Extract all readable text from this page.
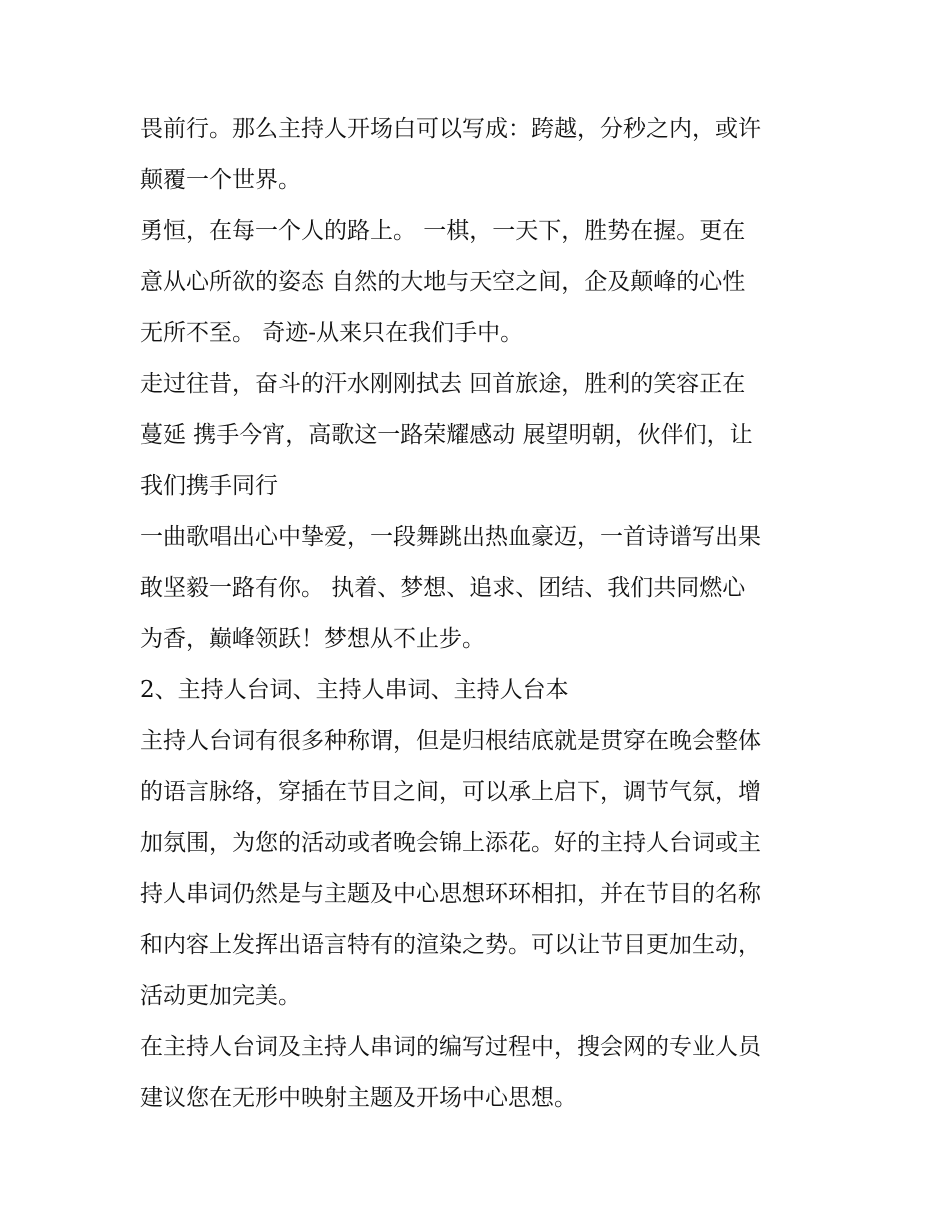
畏前行。那么主持人开场白可以写成：跨越，分秒之内，或许
颠覆一个世界。

勇恒，在每一个人的路上。 一棋，一天下，胜势在握。更在
意从心所欲的姿态 自然的大地与天空之间，企及颠峰的心性
无所不至。 奇迹-从来只在我们手中。

走过往昔，奋斗的汗水刚刚拭去 回首旅途，胜利的笑容正在
蔓延 携手今宵，高歌这一路荣耀感动 展望明朝，伙伴们，让
我们携手同行

一曲歌唱出心中挚爱，一段舞跳出热血豪迈，一首诗谱写出果
敢坚毅一路有你。 执着、梦想、追求、团结、我们共同燃心
为香，巅峰领跃！梦想从不止步。

2、主持人台词、主持人串词、主持人台本

主持人台词有很多种称谓，但是归根结底就是贯穿在晚会整体
的语言脉络，穿插在节目之间，可以承上启下，调节气氛，增
加氛围，为您的活动或者晚会锦上添花。好的主持人台词或主
持人串词仍然是与主题及中心思想环环相扣，并在节目的名称
和内容上发挥出语言特有的渲染之势。可以让节目更加生动，
活动更加完美。

在主持人台词及主持人串词的编写过程中，搜会网的专业人员
建议您在无形中映射主题及开场中心思想。
